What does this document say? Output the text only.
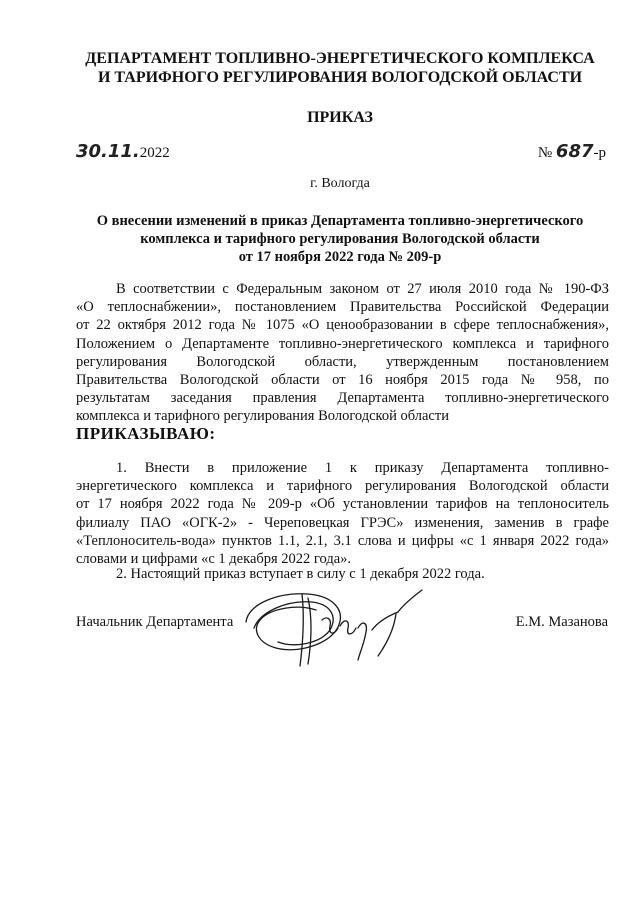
ДЕПАРТАМЕНТ ТОПЛИВНО-ЭНЕРГЕТИЧЕСКОГО КОМПЛЕКСА
И ТАРИФНОГО РЕГУЛИРОВАНИЯ ВОЛОГОДСКОЙ ОБЛАСТИ
ПРИКАЗ
30.11.2022	№ 687-р
г. Вологда
О внесении изменений в приказ Департамента топливно-энергетического
комплекса и тарифного регулирования Вологодской области
от 17 ноября 2022 года № 209-р
В соответствии с Федеральным законом от 27 июля 2010 года № 190-ФЗ
«О теплоснабжении», постановлением Правительства Российской Федерации
от 22 октября 2012 года № 1075 «О ценообразовании в сфере теплоснабжения»,
Положением о Департаменте топливно-энергетического комплекса и тарифного
регулирования Вологодской области, утвержденным постановлением
Правительства Вологодской области от 16 ноября 2015 года № 958, по
результатам заседания правления Департамента топливно-энергетического
комплекса и тарифного регулирования Вологодской области
ПРИКАЗЫВАЮ:
1. Внести в приложение 1 к приказу Департамента топливно-
энергетического комплекса и тарифного регулирования Вологодской области
от 17 ноября 2022 года № 209-р «Об установлении тарифов на теплоноситель
филиалу ПАО «ОГК-2» - Череповецкая ГРЭС» изменения, заменив в графе
«Теплоноситель-вода» пунктов 1.1, 2.1, 3.1 слова и цифры «с 1 января 2022 года»
словами и цифрами «с 1 декабря 2022 года».
2. Настоящий приказ вступает в силу с 1 декабря 2022 года.
Начальник Департамента	Е.М. Мазанова
